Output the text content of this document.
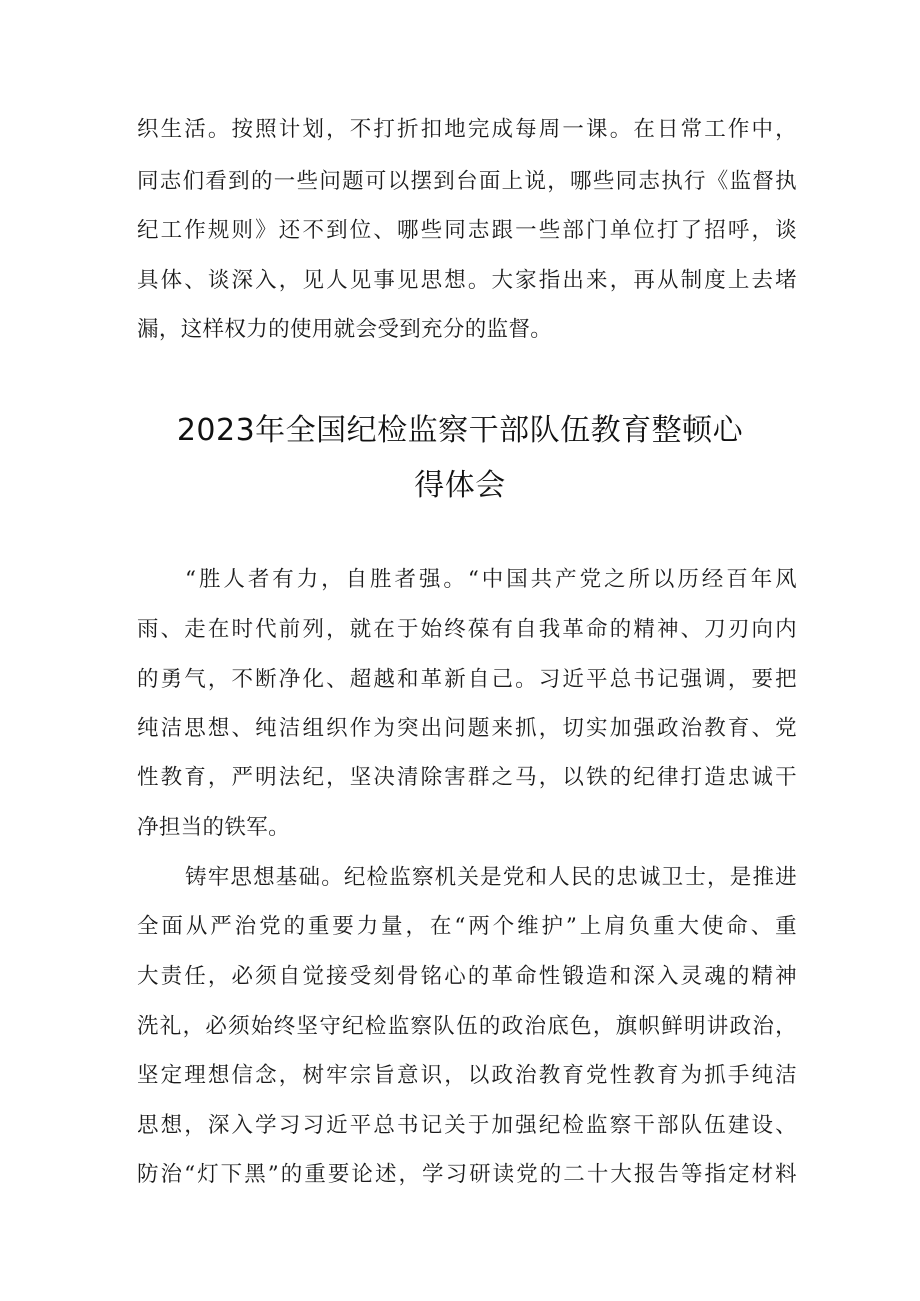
织生活。按照计划，不打折扣地完成每周一课。在日常工作中，
同志们看到的一些问题可以摆到台面上说，哪些同志执行《监督执
纪工作规则》还不到位、哪些同志跟一些部门单位打了招呼，谈
具体、谈深入，见人见事见思想。大家指出来，再从制度上去堵
漏，这样权力的使用就会受到充分的监督。
2023年全国纪检监察干部队伍教育整顿心
得体会
“胜人者有力，自胜者强。“中国共产党之所以历经百年风
雨、走在时代前列，就在于始终葆有自我革命的精神、刀刃向内
的勇气，不断净化、超越和革新自己。习近平总书记强调，要把
纯洁思想、纯洁组织作为突出问题来抓，切实加强政治教育、党
性教育，严明法纪，坚决清除害群之马，以铁的纪律打造忠诚干
净担当的铁军。
铸牢思想基础。纪检监察机关是党和人民的忠诚卫士，是推进
全面从严治党的重要力量，在“两个维护”上肩负重大使命、重
大责任，必须自觉接受刻骨铭心的革命性锻造和深入灵魂的精神
洗礼，必须始终坚守纪检监察队伍的政治底色，旗帜鲜明讲政治，
坚定理想信念，树牢宗旨意识，以政治教育党性教育为抓手纯洁
思想，深入学习习近平总书记关于加强纪检监察干部队伍建设、
防治“灯下黑”的重要论述，学习研读党的二十大报告等指定材料
